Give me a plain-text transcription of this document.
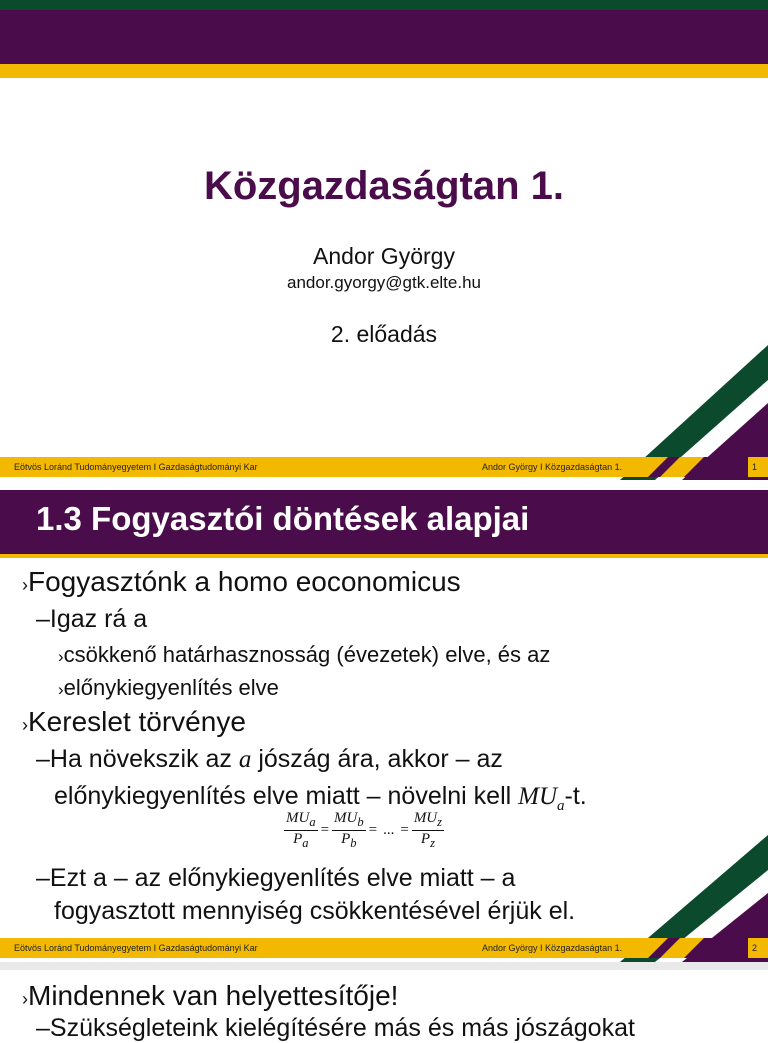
Közgazdaságtan 1.
Andor György
andor.gyorgy@gtk.elte.hu
2. előadás
Eötvös Loránd Tudományegyetem I Gazdaságtudományi Kar	Andor György I Közgazdaságtan 1.	1
1.3 Fogyasztói döntések alapjai
›Fogyasztónk a homo eoconomicus
–Igaz rá a
›csökkenő határhasznosság (évezetek) elve, és az
›előnykiegyenlítés elve
›Kereslet törvénye
–Ha növekszik az a jószág ára, akkor – az
előnykiegyenlítés elve miatt – növelni kell $MU_a-t$.
$\frac{MU_a}{P_a} = \frac{MU_b}{P_b}$ = ... = $\frac{MU_z}{P_z}$
–Ezt a – az előnykiegyenlítés elve miatt – a
fogyasztott mennyiség csökkentésével érjük el.
Eötvös Loránd Tudományegyetem I Gazdaságtudományi Kar	Andor György I Közgazdaságtan 1.	2
›Mindennek van helyettesítője!
–Szükségleteink kielégítésére más és más jószágokat
